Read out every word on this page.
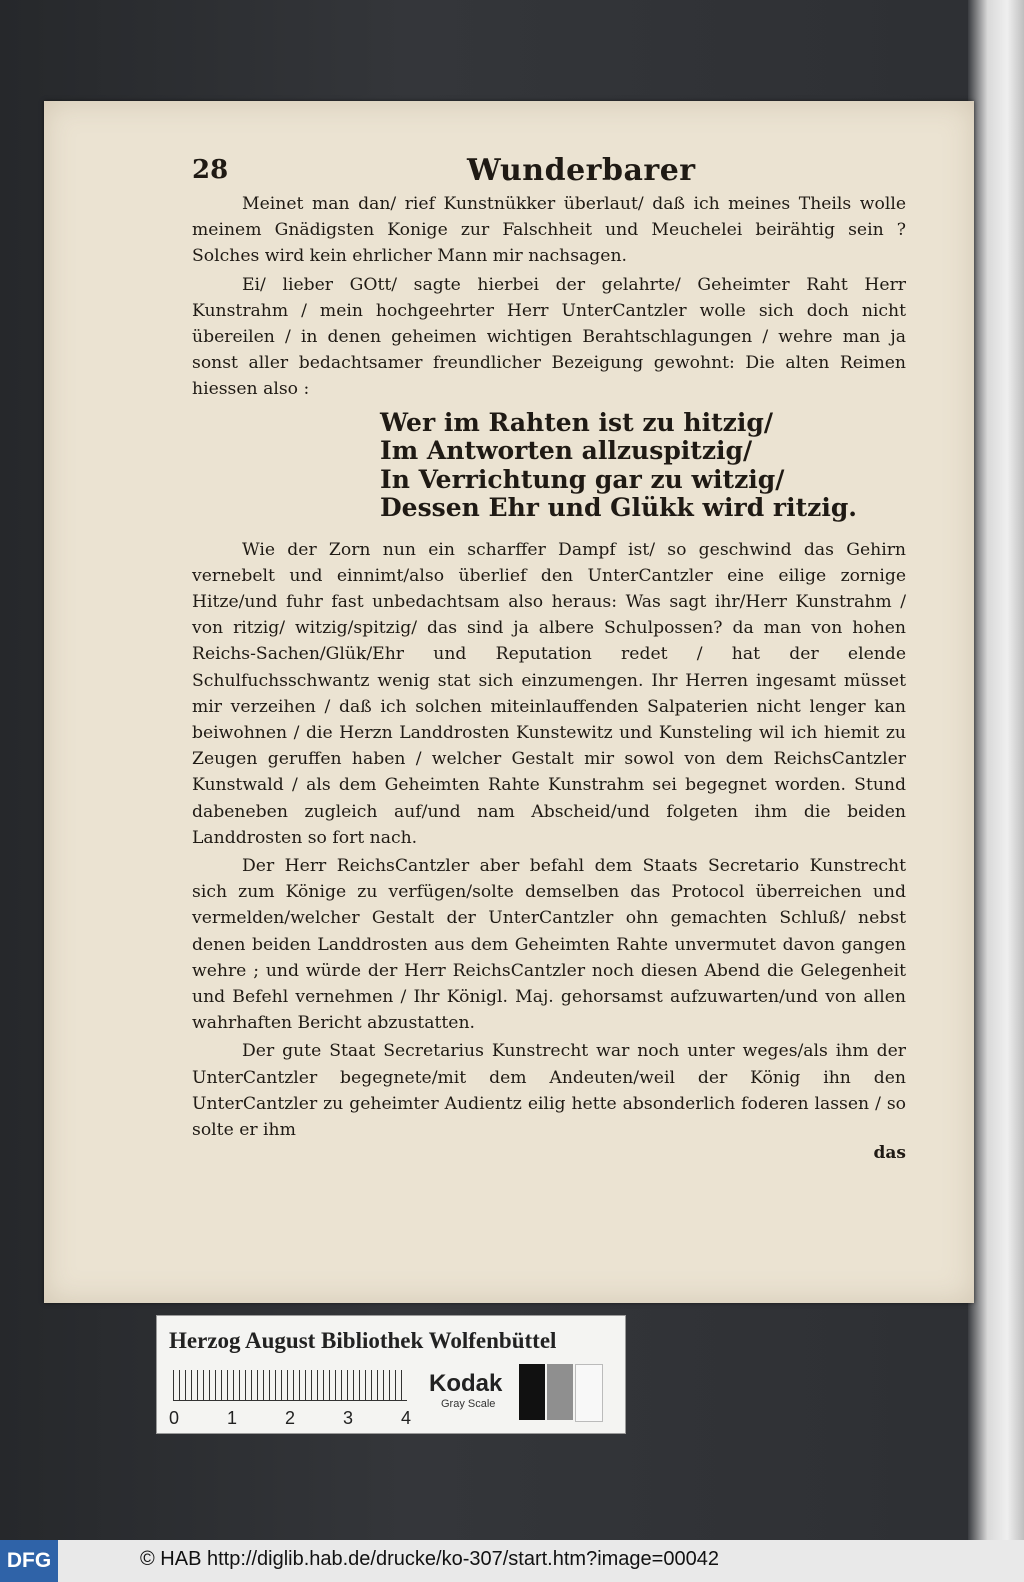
28	Wunderbarer

Meinet man dan/ rief Kunstnükker überlaut/ daß ich meines Theils wolle meinem Gnädigsten Konige zur Falschheit und Meuchelei beirähtig sein ? Solches wird kein ehrlicher Mann mir nachsagen.

Ei/ lieber GOtt/ sagte hierbei der gelahrte/ Geheimter Raht Herr Kunstrahm / mein hochgeehrter Herr UnterCantzler wolle sich doch nicht übereilen / in denen geheimen wichtigen Berahtschlagungen / wehre man ja sonst aller bedachtsamer freundlicher Bezeigung gewohnt: Die alten Reimen hiessen also :

Wer im Rahten ist zu hitzig/
Im Antworten allzuspitzig/
In Verrichtung gar zu witzig/
Dessen Ehr und Glükk wird ritzig.

Wie der Zorn nun ein scharffer Dampf ist/ so geschwind das Gehirn vernebelt und einnimt/also überlief den UnterCantzler eine eilige zornige Hitze/und fuhr fast unbedachtsam also heraus: Was sagt ihr/Herr Kunstrahm / von ritzig/ witzig/spitzig/ das sind ja albere Schulpossen? da man von hohen Reichs-Sachen/Glük/Ehr und Reputation redet / hat der elende Schulfuchsschwantz wenig stat sich einzumengen. Ihr Herren ingesamt müsset mir verzeihen / daß ich solchen miteinlauffenden Salpaterien nicht lenger kan beiwohnen / die Herzn Landdrosten Kunstewitz und Kunsteling wil ich hiemit zu Zeugen geruffen haben / welcher Gestalt mir sowol von dem ReichsCantzler Kunstwald / als dem Geheimten Rahte Kunstrahm sei begegnet worden. Stund dabeneben zugleich auf/und nam Abscheid/und folgeten ihm die beiden Landdrosten so fort nach.

Der Herr ReichsCantzler aber befahl dem Staats Secretario Kunstrecht sich zum Könige zu verfügen/solte demselben das Protocol überreichen und vermelden/welcher Gestalt der UnterCantzler ohn gemachten Schluß/ nebst denen beiden Landdrosten aus dem Geheimten Rahte unvermutet davon gangen wehre ; und würde der Herr ReichsCantzler noch diesen Abend die Gelegenheit und Befehl vernehmen / Ihr Königl. Maj. gehorsamst aufzuwarten/und von allen wahrhaften Bericht abzustatten.

Der gute Staat Secretarius Kunstrecht war noch unter weges/als ihm der UnterCantzler begegnete/mit dem Andeuten/weil der König ihn den UnterCantzler zu geheimter Audientz eilig hette absonderlich foderen lassen / so solte er ihm

das
Herzog August Bibliothek Wolfenbüttel
0	1	2	3	4
Kodak
Gray Scale
DFG	© HAB http://diglib.hab.de/drucke/ko-307/start.htm?image=00042
